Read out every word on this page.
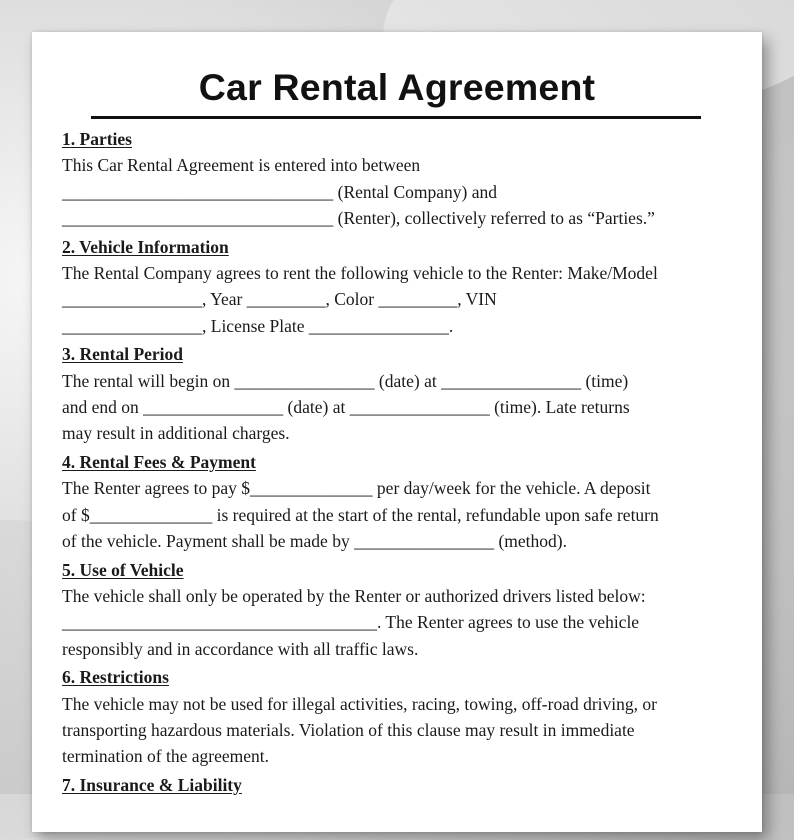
Car Rental Agreement
1. Parties
This Car Rental Agreement is entered into between
_______________________________ (Rental Company) and
_______________________________ (Renter), collectively referred to as “Parties.”
2. Vehicle Information
The Rental Company agrees to rent the following vehicle to the Renter: Make/Model
________________, Year _________, Color _________, VIN
________________, License Plate ________________.
3. Rental Period
The rental will begin on ________________ (date) at ________________ (time)
and end on ________________ (date) at ________________ (time). Late returns
may result in additional charges.
4. Rental Fees & Payment
The Renter agrees to pay $______________ per day/week for the vehicle. A deposit
of $______________ is required at the start of the rental, refundable upon safe return
of the vehicle. Payment shall be made by ________________ (method).
5. Use of Vehicle
The vehicle shall only be operated by the Renter or authorized drivers listed below:
____________________________________. The Renter agrees to use the vehicle
responsibly and in accordance with all traffic laws.
6. Restrictions
The vehicle may not be used for illegal activities, racing, towing, off-road driving, or
transporting hazardous materials. Violation of this clause may result in immediate
termination of the agreement.
7. Insurance & Liability
